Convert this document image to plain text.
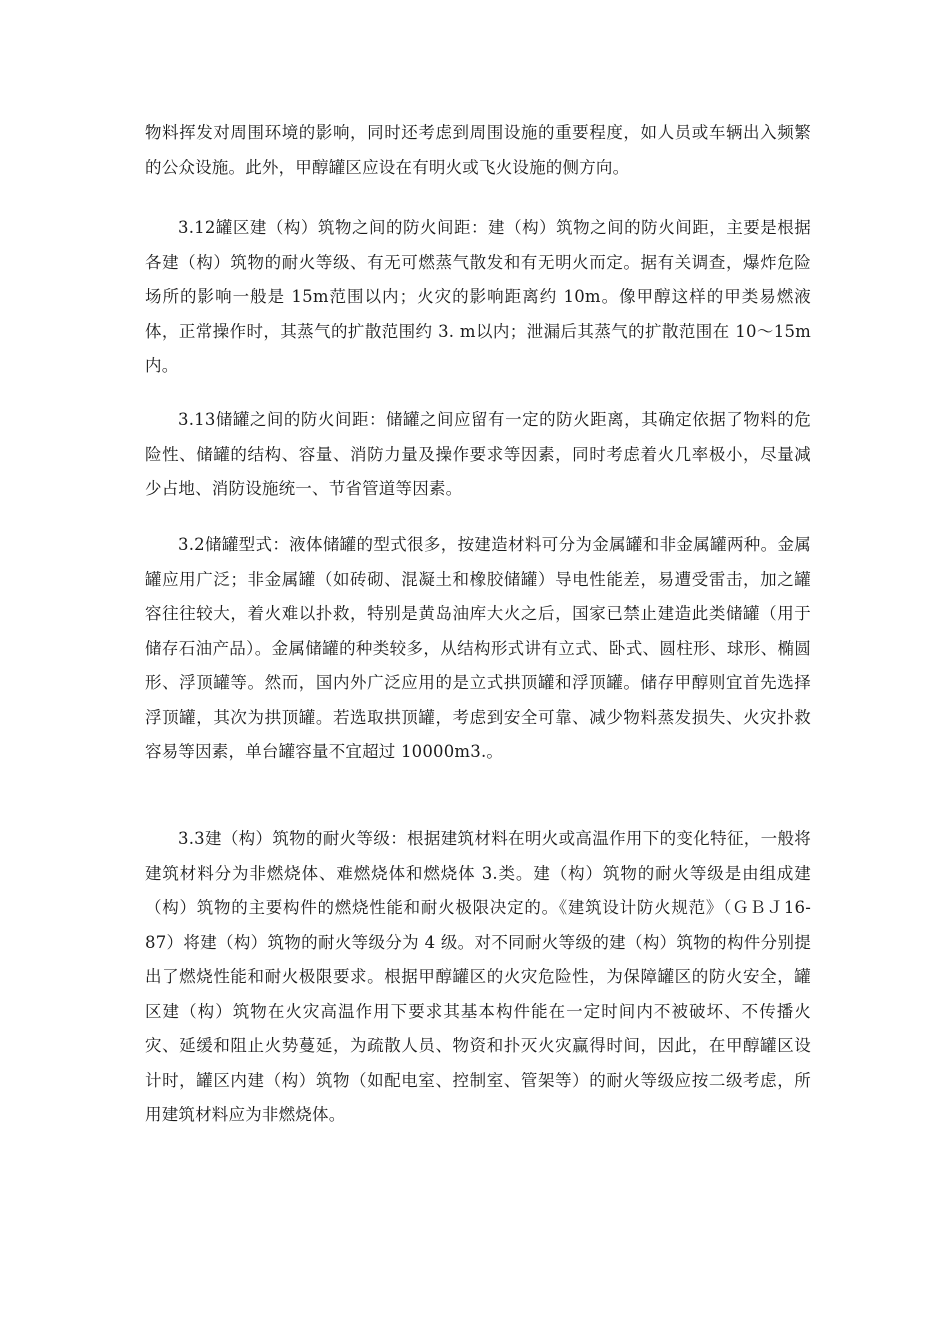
物料挥发对周围环境的影响，同时还考虑到周围设施的重要程度，如人员或车辆出入频繁的公众设施。此外，甲醇罐区应设在有明火或飞火设施的侧方向。

3.12罐区建（构）筑物之间的防火间距：建（构）筑物之间的防火间距，主要是根据各建（构）筑物的耐火等级、有无可燃蒸气散发和有无明火而定。据有关调查，爆炸危险场所的影响一般是 15m范围以内；火灾的影响距离约 10m。像甲醇这样的甲类易燃液体，正常操作时，其蒸气的扩散范围约 3. m以内；泄漏后其蒸气的扩散范围在 10～15m内。

3.13储罐之间的防火间距：储罐之间应留有一定的防火距离，其确定依据了物料的危险性、储罐的结构、容量、消防力量及操作要求等因素，同时考虑着火几率极小，尽量减少占地、消防设施统一、节省管道等因素。

3.2储罐型式：液体储罐的型式很多，按建造材料可分为金属罐和非金属罐两种。金属罐应用广泛；非金属罐（如砖砌、混凝土和橡胶储罐）导电性能差，易遭受雷击，加之罐容往往较大，着火难以扑救，特别是黄岛油库大火之后，国家已禁止建造此类储罐（用于储存石油产品）。金属储罐的种类较多，从结构形式讲有立式、卧式、圆柱形、球形、椭圆形、浮顶罐等。然而，国内外广泛应用的是立式拱顶罐和浮顶罐。储存甲醇则宜首先选择浮顶罐，其次为拱顶罐。若选取拱顶罐，考虑到安全可靠、减少物料蒸发损失、火灾扑救容易等因素，单台罐容量不宜超过 10000m3.。

3.3建（构）筑物的耐火等级：根据建筑材料在明火或高温作用下的变化特征，一般将建筑材料分为非燃烧体、难燃烧体和燃烧体 3.类。建（构）筑物的耐火等级是由组成建（构）筑物的主要构件的燃烧性能和耐火极限决定的。《建筑设计防火规范》（ＧＢＪ16-87）将建（构）筑物的耐火等级分为 4 级。对不同耐火等级的建（构）筑物的构件分别提出了燃烧性能和耐火极限要求。根据甲醇罐区的火灾危险性，为保障罐区的防火安全，罐区建（构）筑物在火灾高温作用下要求其基本构件能在一定时间内不被破坏、不传播火灾、延缓和阻止火势蔓延，为疏散人员、物资和扑灭火灾赢得时间，因此，在甲醇罐区设计时，罐区内建（构）筑物（如配电室、控制室、管架等）的耐火等级应按二级考虑，所用建筑材料应为非燃烧体。
